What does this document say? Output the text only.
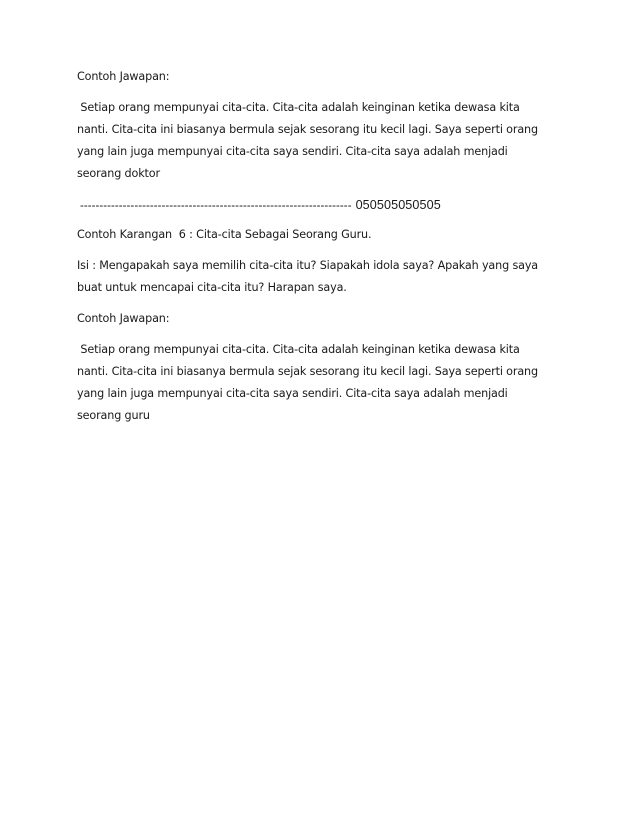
Contoh Jawapan:

Setiap orang mempunyai cita-cita. Cita-cita adalah keinginan ketika dewasa kita
nanti. Cita-cita ini biasanya bermula sejak sesorang itu kecil lagi. Saya seperti orang
yang lain juga mempunyai cita-cita saya sendiri. Cita-cita saya adalah menjadi
seorang doktor

---------------------------------------------------------------------- 050505050505

Contoh Karangan  6 : Cita-cita Sebagai Seorang Guru.

Isi : Mengapakah saya memilih cita-cita itu? Siapakah idola saya? Apakah yang saya
buat untuk mencapai cita-cita itu? Harapan saya.

Contoh Jawapan:

Setiap orang mempunyai cita-cita. Cita-cita adalah keinginan ketika dewasa kita
nanti. Cita-cita ini biasanya bermula sejak sesorang itu kecil lagi. Saya seperti orang
yang lain juga mempunyai cita-cita saya sendiri. Cita-cita saya adalah menjadi
seorang guru
